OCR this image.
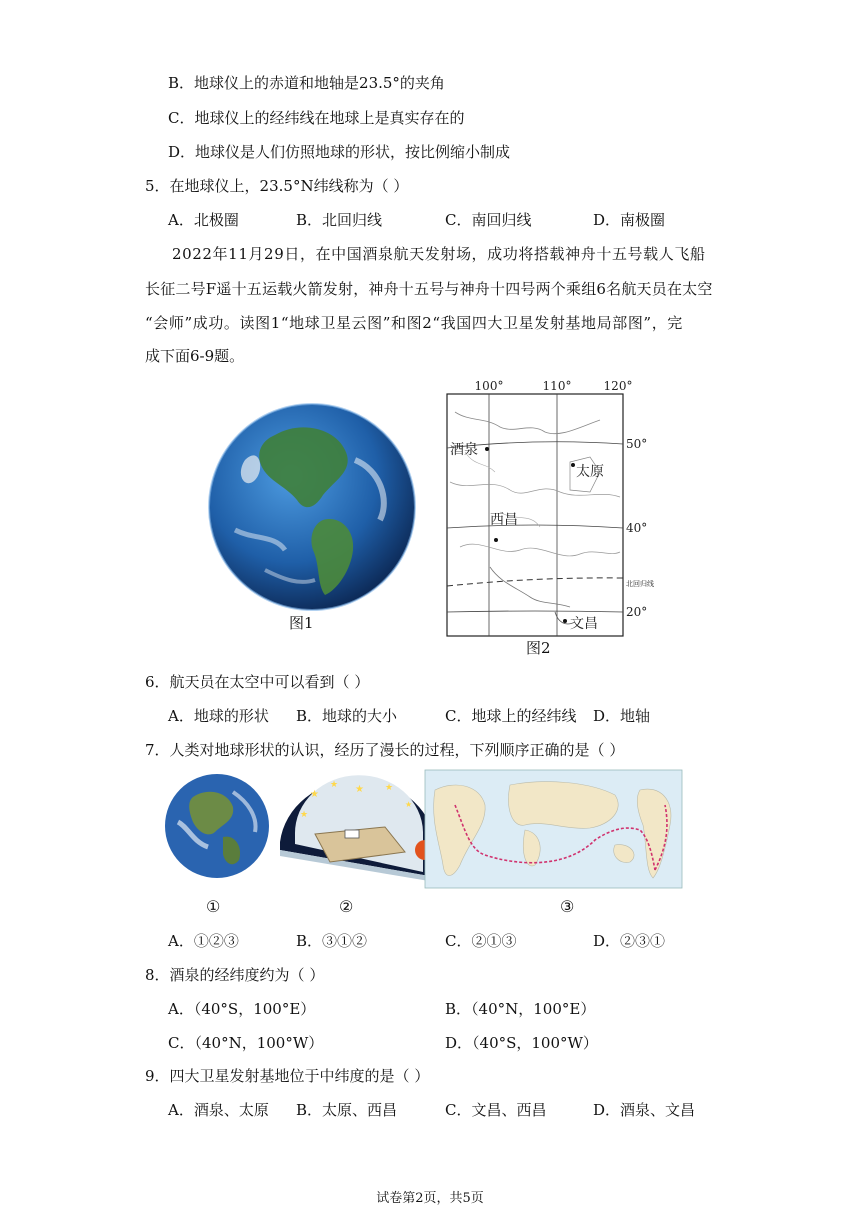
B．地球仪上的赤道和地轴是23.5°的夹角
C．地球仪上的经纬线在地球上是真实存在的
D．地球仪是人们仿照地球的形状，按比例缩小制成
5．在地球仪上，23.5°N纬线称为（ ）
A．北极圈	B．北回归线	C．南回归线	D．南极圈
2022年11月29日，在中国酒泉航天发射场，成功将搭载神舟十五号载人飞船
长征二号F遥十五运载火箭发射，神舟十五号与神舟十四号两个乘组6名航天员在太空
“会师”成功。读图1“地球卫星云图”和图2“我国四大卫星发射基地局部图”，完
成下面6-9题。
图1
100°	110°	120°
50°
40°
20°
北回归线
酒泉
太原
西昌
文昌
图2
6．航天员在太空中可以看到（ ）
A．地球的形状 B．地球的大小	C．地球上的经纬线 D．地轴
7．人类对地球形状的认识，经历了漫长的过程，下列顺序正确的是（ ）
★
★ ★ ★
★
★
①	②	③
A．①②③	B．③①②	C．②①③	D．②③①
8．酒泉的经纬度约为（ ）
A．（40°S，100°E）	B．（40°N，100°E）
C．（40°N，100°W）	D．（40°S，100°W）
9．四大卫星发射基地位于中纬度的是（ ）
A．酒泉、太原 B．太原、西昌	C．文昌、西昌	D．酒泉、文昌
试卷第2页，共5页
